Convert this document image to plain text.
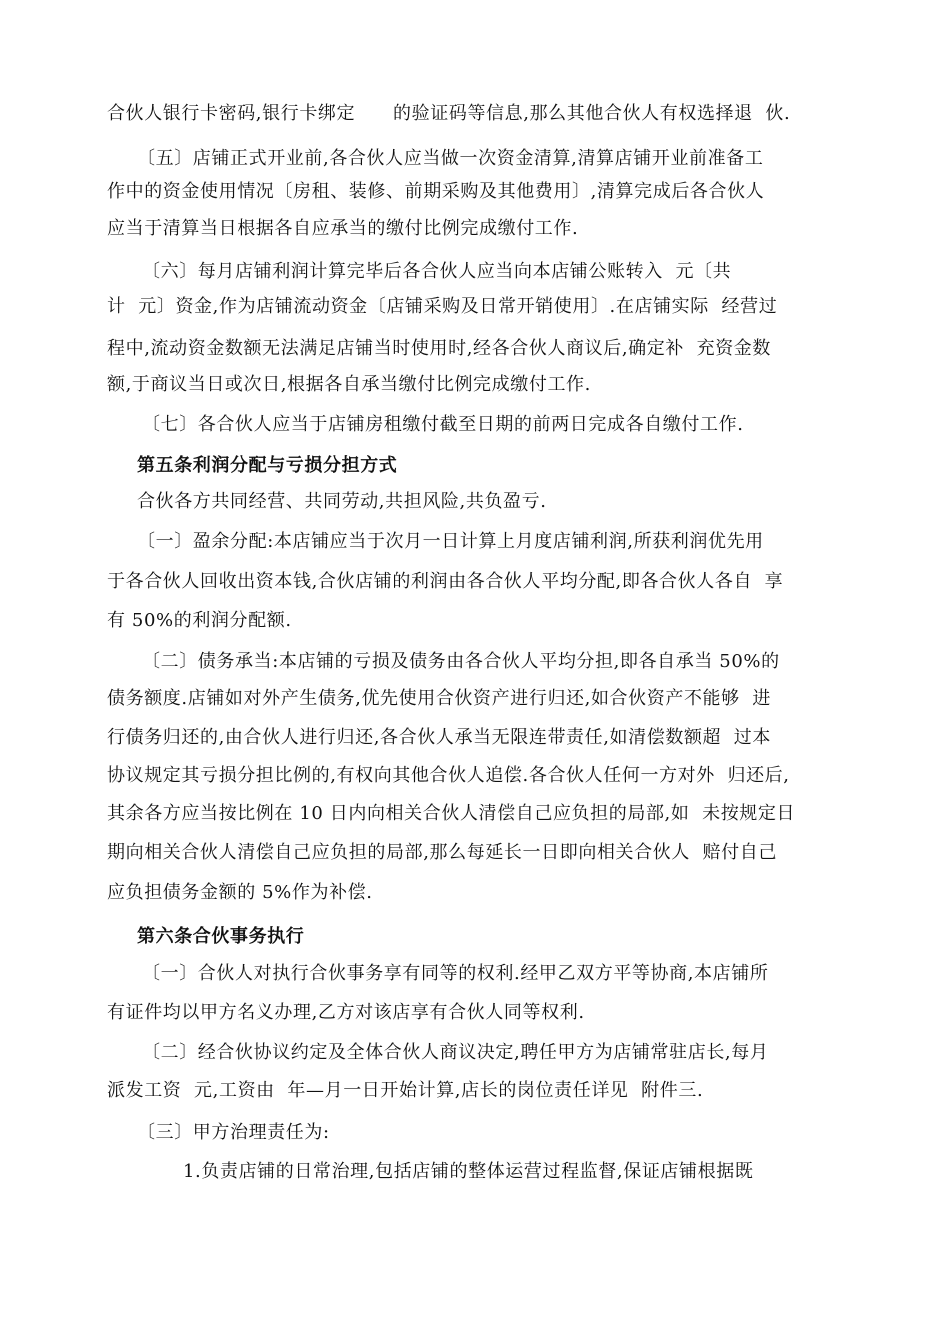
合伙人银行卡密码,银行卡绑定      的验证码等信息,那么其他合伙人有权选择退  伙.
〔五〕店铺正式开业前,各合伙人应当做一次资金清算,清算店铺开业前准备工
作中的资金使用情况〔房租、装修、前期采购及其他费用〕,清算完成后各合伙人
应当于清算当日根据各自应承当的缴付比例完成缴付工作.
〔六〕每月店铺利润计算完毕后各合伙人应当向本店铺公账转入  元〔共
计  元〕资金,作为店铺流动资金〔店铺采购及日常开销使用〕.在店铺实际  经营过
程中,流动资金数额无法满足店铺当时使用时,经各合伙人商议后,确定补  充资金数
额,于商议当日或次日,根据各自承当缴付比例完成缴付工作.
〔七〕各合伙人应当于店铺房租缴付截至日期的前两日完成各自缴付工作.
第五条利润分配与亏损分担方式
合伙各方共同经营、共同劳动,共担风险,共负盈亏.
〔一〕盈余分配:本店铺应当于次月一日计算上月度店铺利润,所获利润优先用
于各合伙人回收出资本钱,合伙店铺的利润由各合伙人平均分配,即各合伙人各自  享
有 50%的利润分配额.
〔二〕债务承当:本店铺的亏损及债务由各合伙人平均分担,即各自承当 50%的
债务额度.店铺如对外产生债务,优先使用合伙资产进行归还,如合伙资产不能够  进
行债务归还的,由合伙人进行归还,各合伙人承当无限连带责任,如清偿数额超  过本
协议规定其亏损分担比例的,有权向其他合伙人追偿.各合伙人任何一方对外  归还后,
其余各方应当按比例在 10 日内向相关合伙人清偿自己应负担的局部,如  未按规定日
期向相关合伙人清偿自己应负担的局部,那么每延长一日即向相关合伙人  赔付自己
应负担债务金额的 5%作为补偿.
第六条合伙事务执行
〔一〕合伙人对执行合伙事务享有同等的权利.经甲乙双方平等协商,本店铺所
有证件均以甲方名义办理,乙方对该店享有合伙人同等权利.
〔二〕经合伙协议约定及全体合伙人商议决定,聘任甲方为店铺常驻店长,每月
派发工资  元,工资由  年—月一日开始计算,店长的岗位责任详见  附件三.
〔三〕甲方治理责任为:
1.负责店铺的日常治理,包括店铺的整体运营过程监督,保证店铺根据既
